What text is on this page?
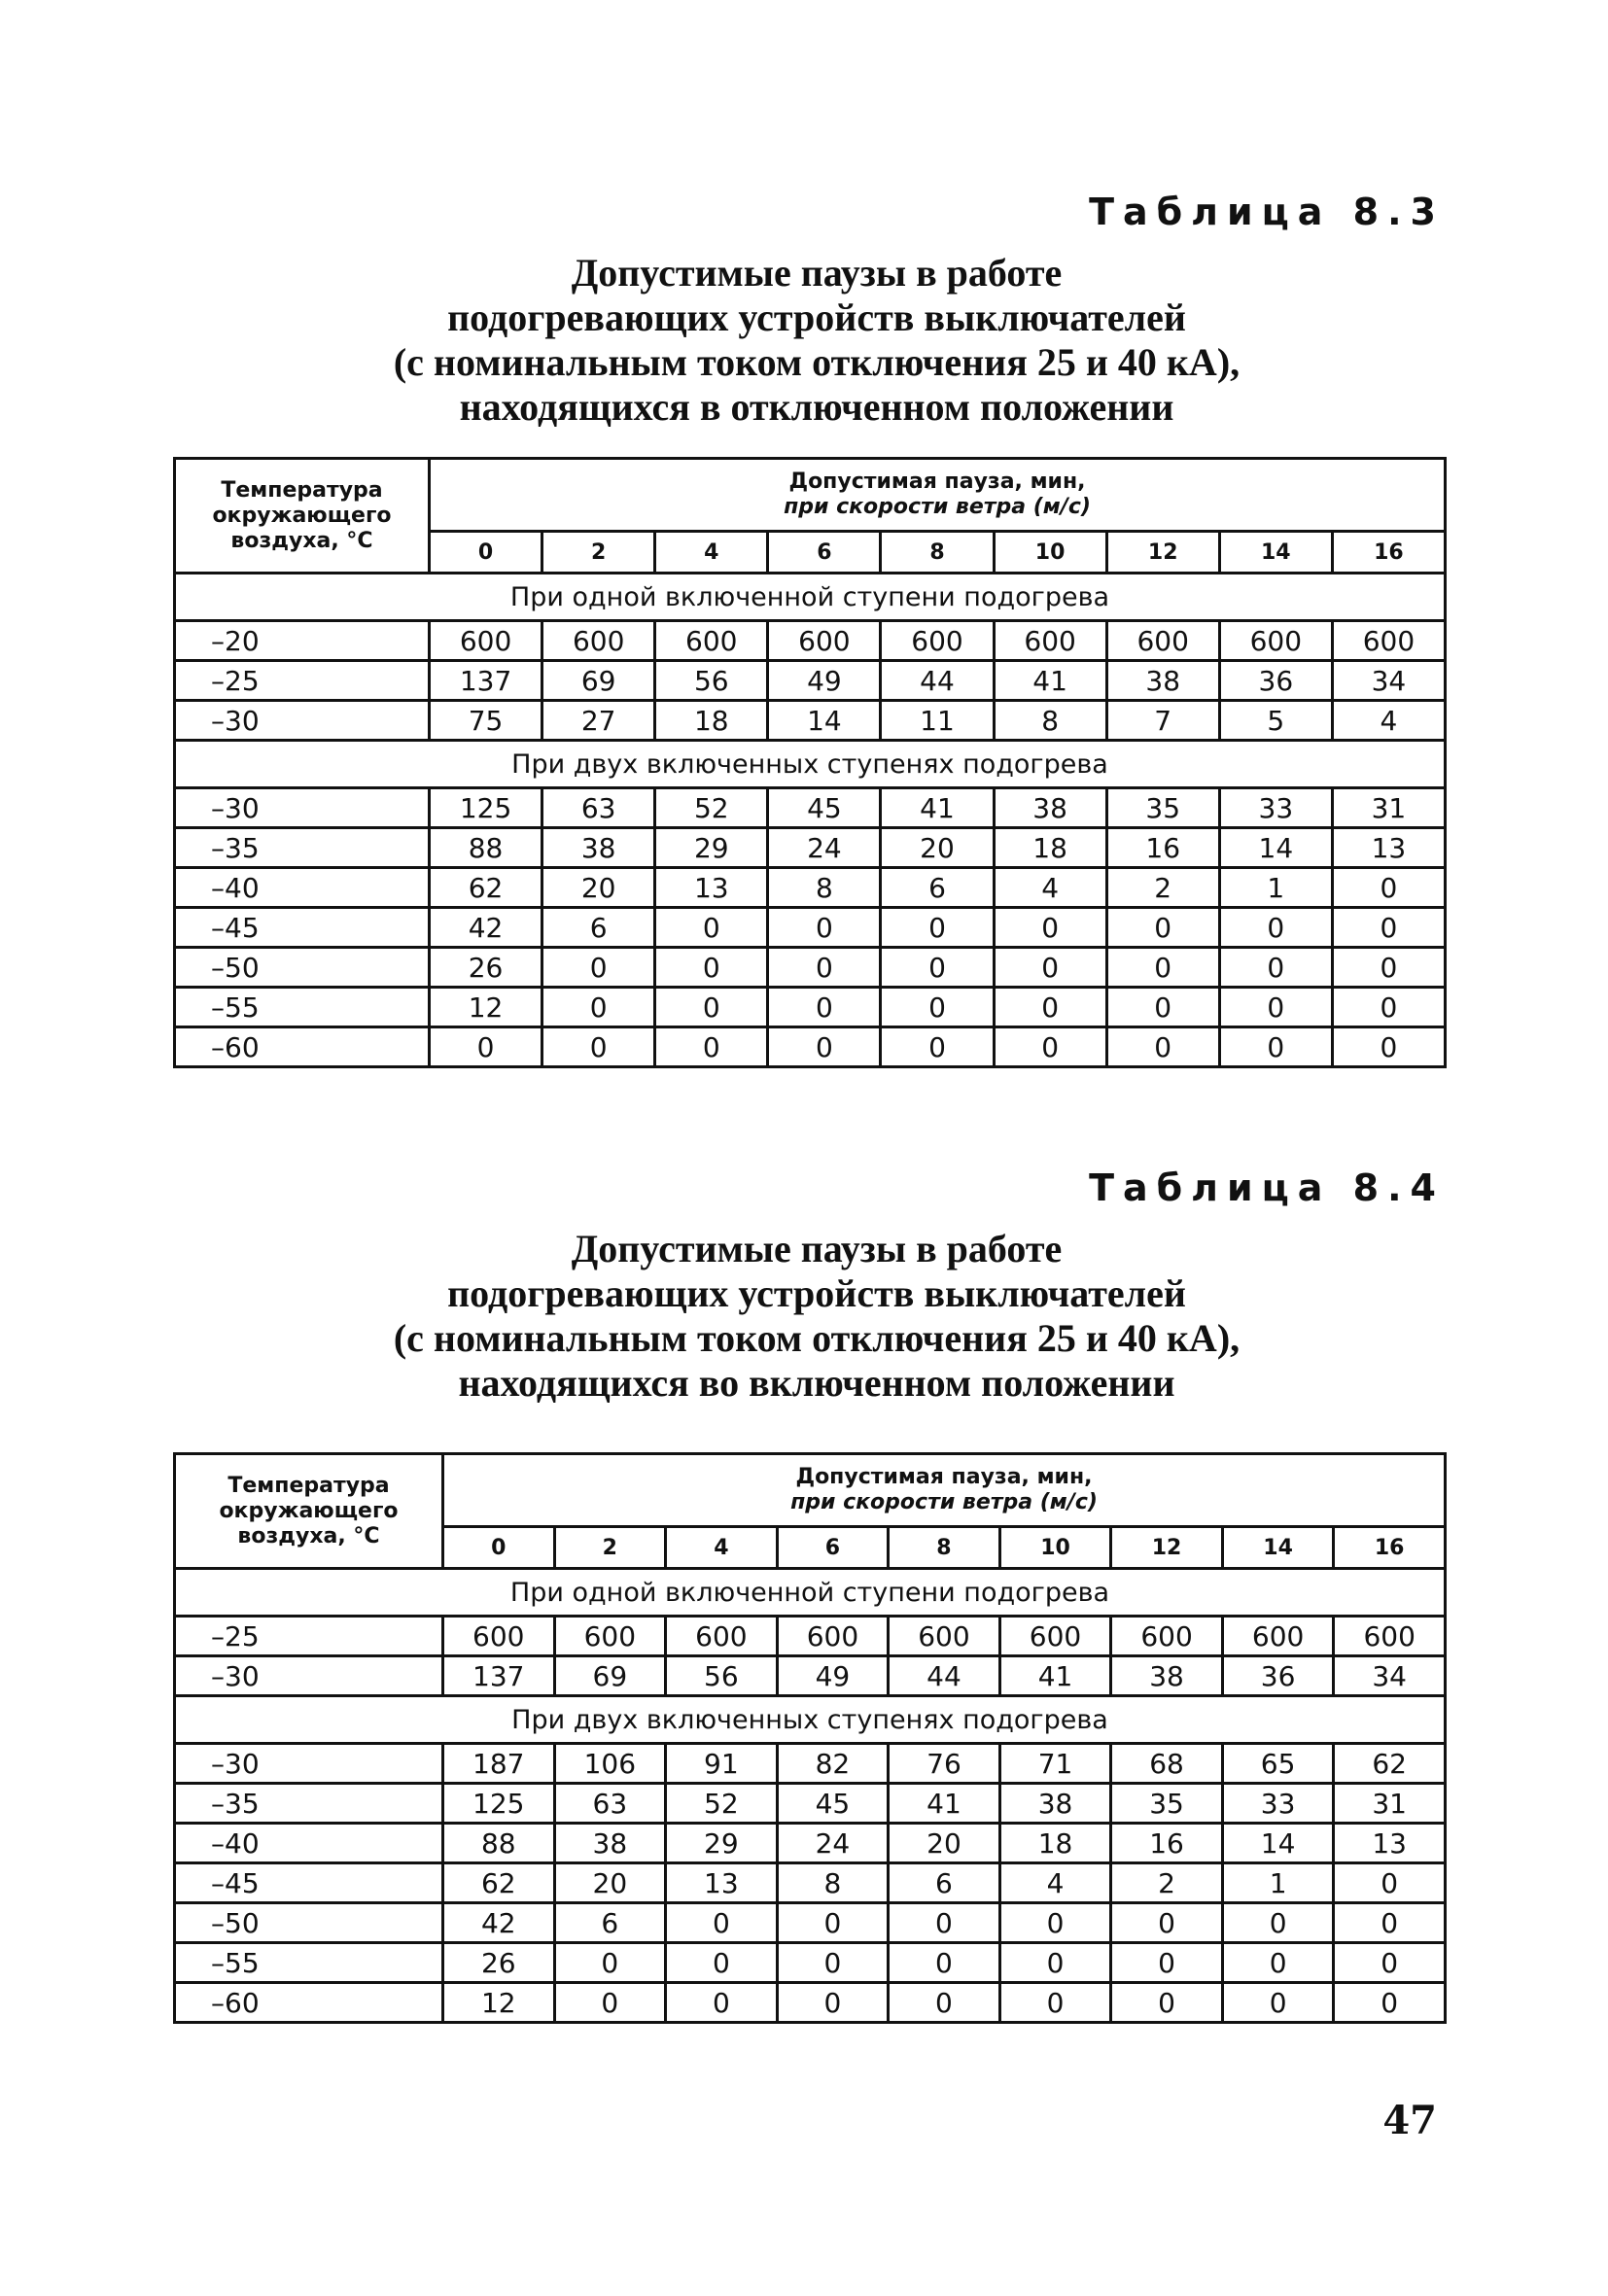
Таблица 8.3
Допустимые паузы в работе
подогревающих устройств выключателей
(с номинальным током отключения 25 и 40 кА),
находящихся в отключенном положении
Температура окружающего воздуха, °С	Допустимая пауза, мин,
при скорости ветра (м/с)								

	0	2	4	6	8	10	12	14	16
При одной включенной ступени подогрева									
–20	600	600	600	600	600	600	600	600	600
–25	137	69	56	49	44	41	38	36	34
–30	75	27	18	14	11	8	7	5	4
При двух включенных ступенях подогрева									
–30	125	63	52	45	41	38	35	33	31
–35	88	38	29	24	20	18	16	14	13
–40	62	20	13	8	6	4	2	1	0
–45	42	6	0	0	0	0	0	0	0
–50	26	0	0	0	0	0	0	0	0
–55	12	0	0	0	0	0	0	0	0
–60	0	0	0	0	0	0	0	0	0
Таблица 8.4
Допустимые паузы в работе
подогревающих устройств выключателей
(с номинальным током отключения 25 и 40 кА),
находящихся во включенном положении
Температура окружающего воздуха, °С	Допустимая пауза, мин,
при скорости ветра (м/с)								

	0	2	4	6	8	10	12	14	16
При одной включенной ступени подогрева									
–25	600	600	600	600	600	600	600	600	600
–30	137	69	56	49	44	41	38	36	34
При двух включенных ступенях подогрева									
–30	187	106	91	82	76	71	68	65	62
–35	125	63	52	45	41	38	35	33	31
–40	88	38	29	24	20	18	16	14	13
–45	62	20	13	8	6	4	2	1	0
–50	42	6	0	0	0	0	0	0	0
–55	26	0	0	0	0	0	0	0	0
–60	12	0	0	0	0	0	0	0	0
47
